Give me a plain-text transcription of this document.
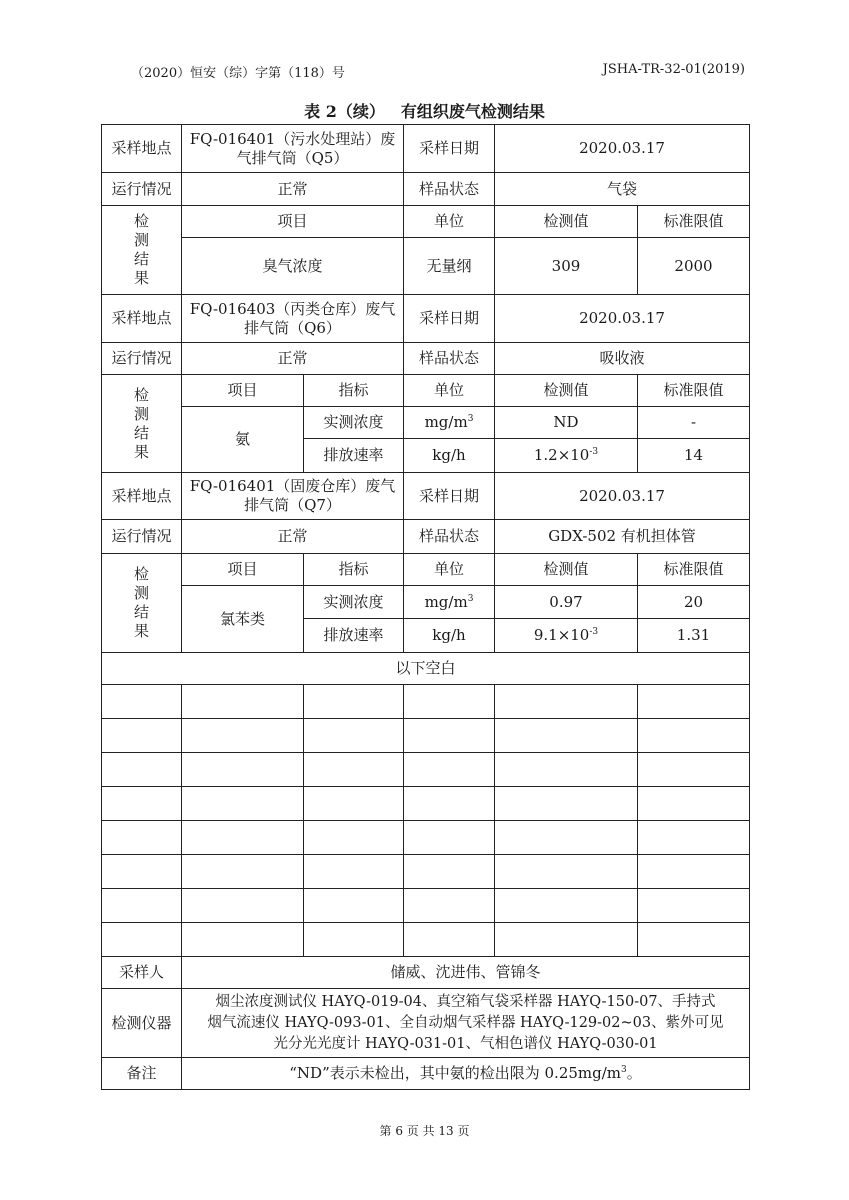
（2020）恒安（综）字第（118）号	JSHA-TR-32-01(2019)
表 2（续） 有组织废气检测结果
采样地点	FQ-016401（污水处理站）废
气排气筒（Q5）		采样日期	2020.03.17	
运行情况	正常		样品状态	气袋	
检
测
结
果	项目		单位	检测值	标准限值
	臭气浓度		无量纲	309	2000
采样地点	FQ-016403（丙类仓库）废气
排气筒（Q6）		采样日期	2020.03.17	
运行情况	正常		样品状态	吸收液	
检
测
结
果	项目	指标	单位	检测值	标准限值
	氨	实测浓度	$mg/m^3$	ND	-
		排放速率	kg/h	$1.2\times 10^{-3}$	14
采样地点	FQ-016401（固废仓库）废气
排气筒（Q7）		采样日期	2020.03.17	
运行情况	正常		样品状态	GDX-502 有机担体管	
检
测
结
果	项目	指标	单位	检测值	标准限值
	氯苯类	实测浓度	$mg/m^3$	0.97	20
		排放速率	kg/h	$9.1\times 10^{-3}$	1.31
以下空白					

采样人	储威、沈进伟、管锦冬				
检测仪器	烟尘浓度测试仪 HAYQ-019-04、真空箱气袋采样器 HAYQ-150-07、手持式
烟气流速仪 HAYQ-093-01、全自动烟气采样器 HAYQ-129-02~03、紫外可见
光分光光度计 HAYQ-031-01、气相色谱仪 HAYQ-030-01				
备注	“ND”表示未检出，其中氨的检出限为 $0.25mg/m^3$。				
第 6 页 共 13 页
